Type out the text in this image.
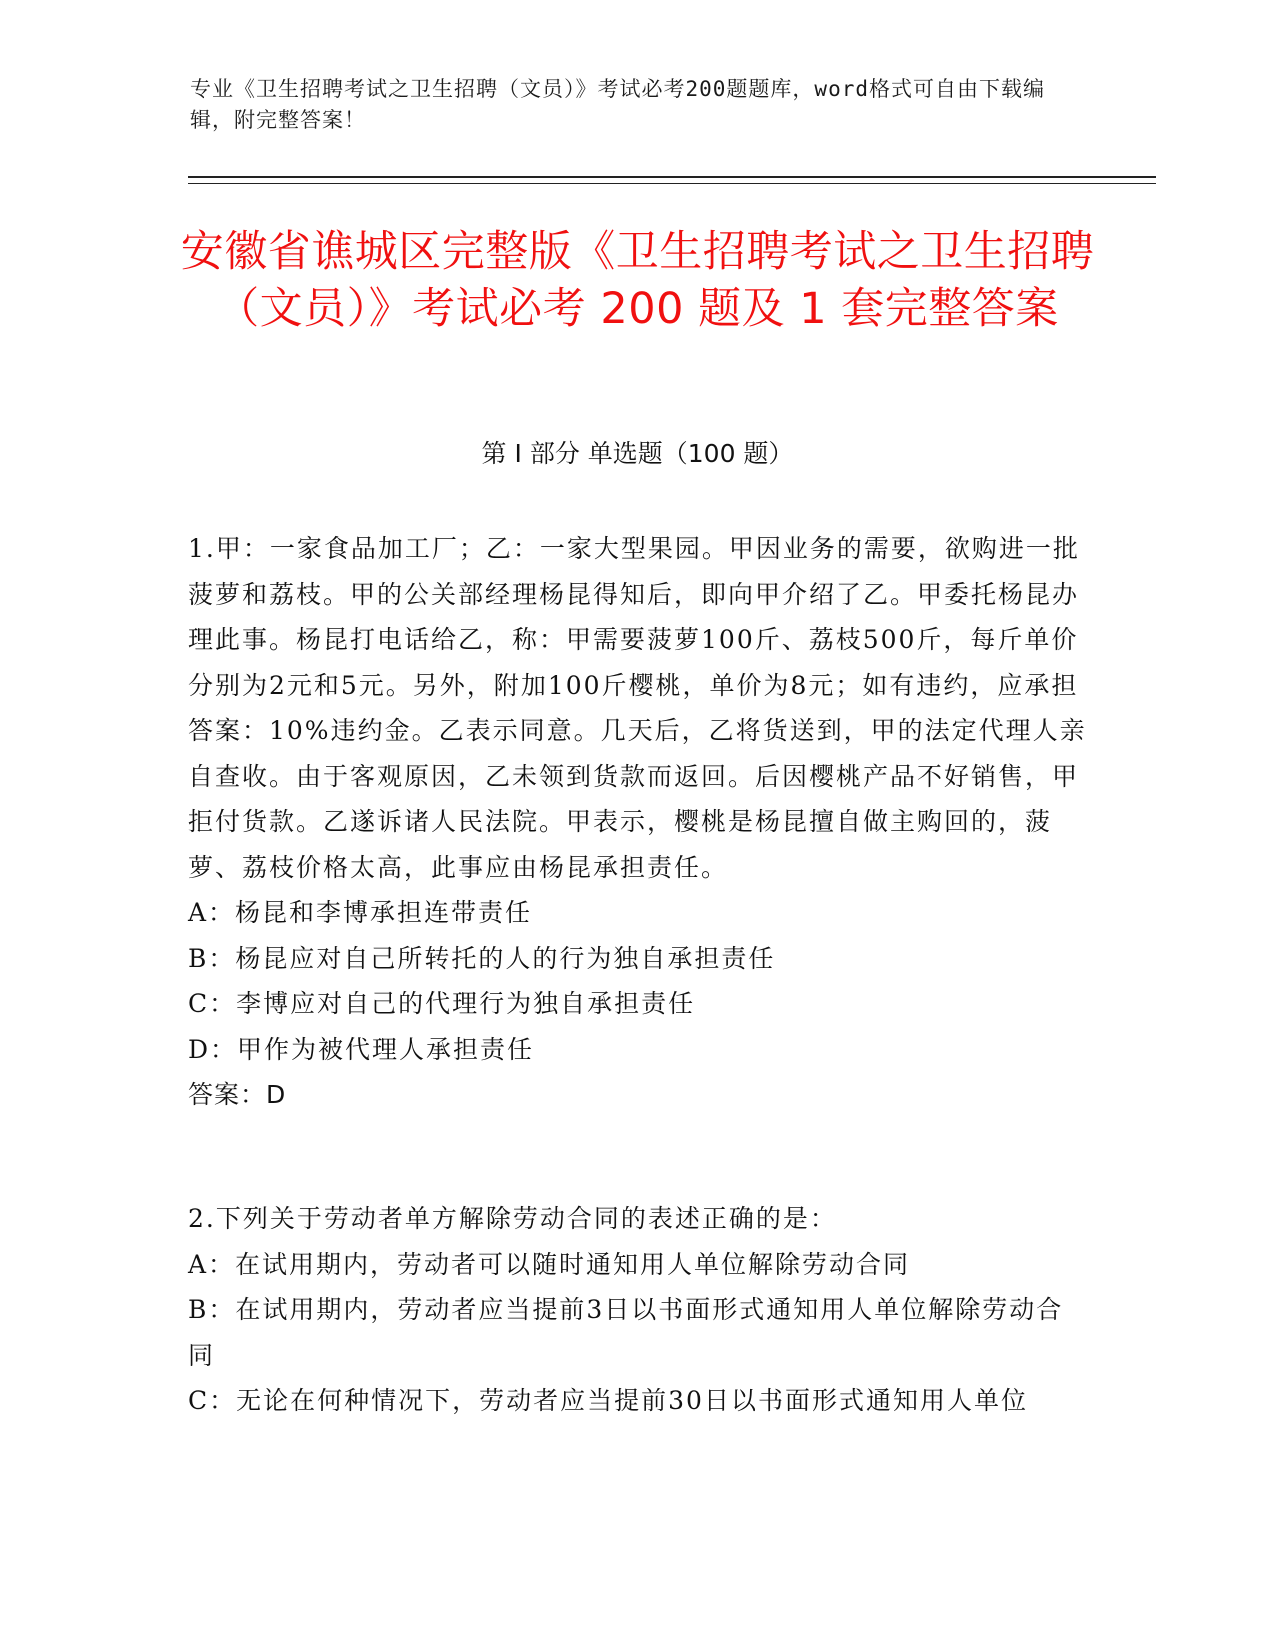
专业《卫生招聘考试之卫生招聘（文员）》考试必考200题题库，word格式可自由下载编辑，附完整答案！
安徽省谯城区完整版《卫生招聘考试之卫生招聘（文员）》考试必考 200 题及 1 套完整答案
第 I 部分 单选题（100 题）

1.甲：一家食品加工厂；乙：一家大型果园。甲因业务的需要，欲购进一批菠萝和荔枝。甲的公关部经理杨昆得知后，即向甲介绍了乙。甲委托杨昆办理此事。杨昆打电话给乙，称：甲需要菠萝100斤、荔枝500斤，每斤单价分别为2元和5元。另外，附加100斤樱桃，单价为8元；如有违约，应承担答案：10%违约金。乙表示同意。几天后，乙将货送到，甲的法定代理人亲自查收。由于客观原因，乙未领到货款而返回。后因樱桃产品不好销售，甲拒付货款。乙遂诉诸人民法院。甲表示，樱桃是杨昆擅自做主购回的，菠萝、荔枝价格太高，此事应由杨昆承担责任。

A：杨昆和李博承担连带责任

B：杨昆应对自己所转托的人的行为独自承担责任

C：李博应对自己的代理行为独自承担责任

D：甲作为被代理人承担责任

答案：D

2.下列关于劳动者单方解除劳动合同的表述正确的是：

A：在试用期内，劳动者可以随时通知用人单位解除劳动合同

B：在试用期内，劳动者应当提前3日以书面形式通知用人单位解除劳动合同

C：无论在何种情况下，劳动者应当提前30日以书面形式通知用人单位
